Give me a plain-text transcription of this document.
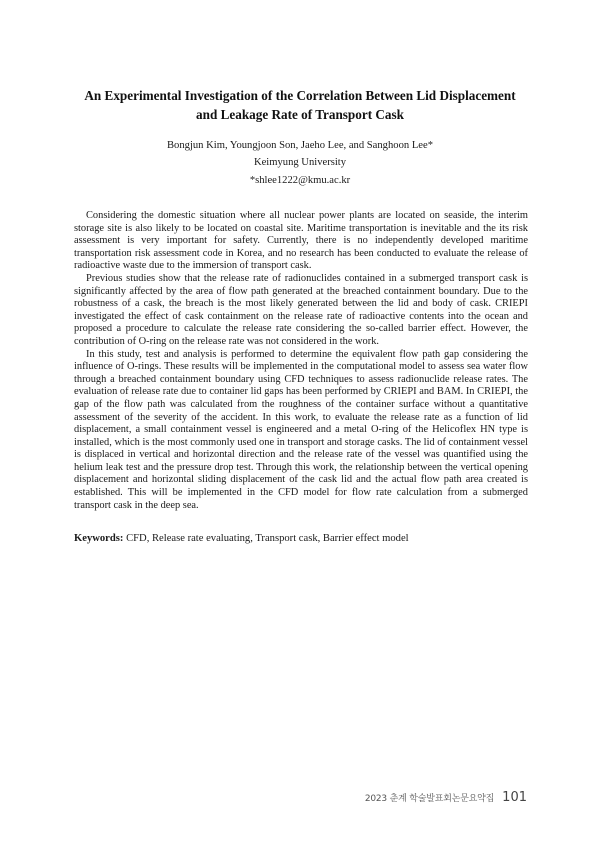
An Experimental Investigation of the Correlation Between Lid Displacement
and Leakage Rate of Transport Cask
Bongjun Kim, Youngjoon Son, Jaeho Lee, and Sanghoon Lee*
Keimyung University
*shlee1222@kmu.ac.kr

Considering the domestic situation where all nuclear power plants are located on seaside, the interim storage site is also likely to be located on coastal site. Maritime transportation is inevitable and the its risk assessment is very important for safety. Currently, there is no independently developed maritime transportation risk assessment code in Korea, and no research has been conducted to evaluate the release of radioactive waste due to the immersion of transport cask.

Previous studies show that the release rate of radionuclides contained in a submerged transport cask is significantly affected by the area of flow path generated at the breached containment boundary. Due to the robustness of a cask, the breach is the most likely generated between the lid and body of cask. CRIEPI investigated the effect of cask containment on the release rate of radioactive contents into the ocean and proposed a procedure to calculate the release rate considering the so-called barrier effect. However, the contribution of O-ring on the release rate was not considered in the work.

In this study, test and analysis is performed to determine the equivalent flow path gap considering the influence of O-rings. These results will be implemented in the computational model to assess sea water flow through a breached containment boundary using CFD techniques to assess radionuclide release rates. The evaluation of release rate due to container lid gaps has been performed by CRIEPI and BAM. In CRIEPI, the gap of the flow path was calculated from the roughness of the container surface without a quantitative assessment of the severity of the accident. In this work, to evaluate the release rate as a function of lid displacement, a small containment vessel is engineered and a metal O-ring of the Helicoflex HN type is installed, which is the most commonly used one in transport and storage casks. The lid of containment vessel is displaced in vertical and horizontal direction and the release rate of the vessel was quantified using the helium leak test and the pressure drop test. Through this work, the relationship between the vertical opening displacement and horizontal sliding displacement of the cask lid and the actual flow path area created is established. This will be implemented in the CFD model for flow rate calculation from a submerged transport cask in the deep sea.

Keywords: CFD, Release rate evaluating, Transport cask, Barrier effect model
2023 춘계 학술발표회논문요약집 101
